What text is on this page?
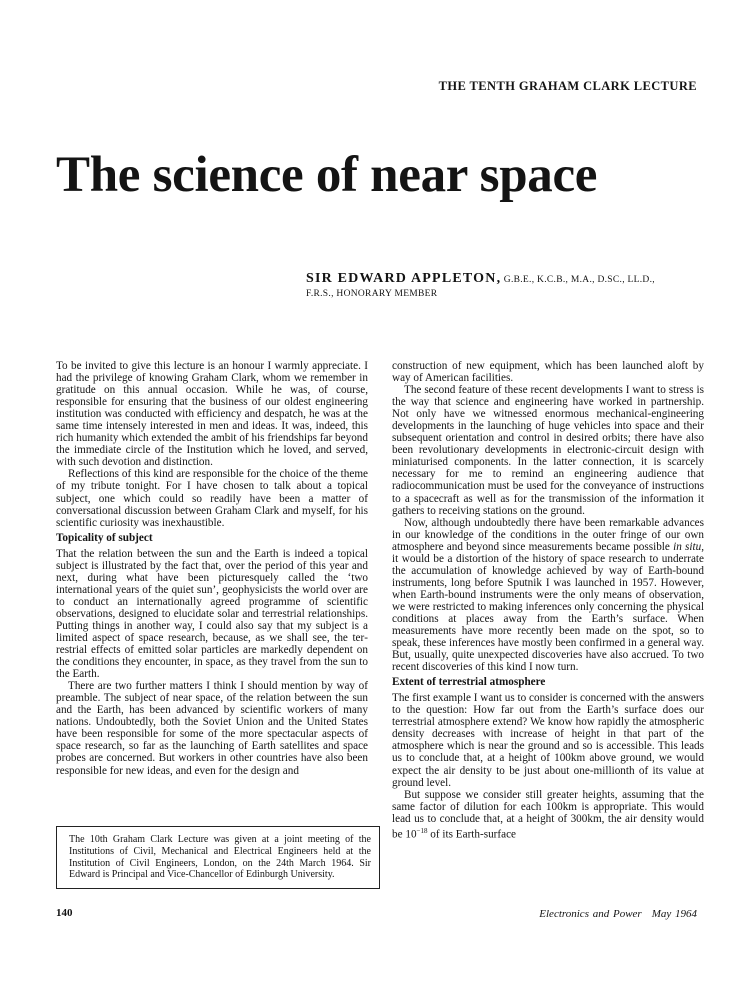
THE TENTH GRAHAM CLARK LECTURE
The science of near space
SIR EDWARD APPLETON, G.B.E., K.C.B., M.A., D.SC., LL.D.,
F.R.S., HONORARY MEMBER

To be invited to give this lecture is an honour I warmly appreciate. I had the privilege of knowing Graham Clark, whom we remember in gratitude on this annual occasion. While he was, of course, responsible for ensuring that the business of our oldest engineering institution was conducted with efficiency and despatch, he was at the same time intensely interested in men and ideas. It was, indeed, this rich humanity which extended the ambit of his friendships far beyond the immediate circle of the Institution which he loved, and served, with such devotion and distinction.

Reflections of this kind are responsible for the choice of the theme of my tribute tonight. For I have chosen to talk about a topical subject, one which could so readily have been a matter of conversational discussion between Graham Clark and myself, for his scientific curiosity was inexhaustible.

Topicality of subject

That the relation between the sun and the Earth is indeed a topical subject is illustrated by the fact that, over the period of this year and next, during what have been picturesquely called the ‘two international years of the quiet sun’, geophysicists the world over are to conduct an internationally agreed programme of scientific observations, designed to elucidate solar and terrestrial relationships. Putting things in another way, I could also say that my subject is a limited aspect of space research, because, as we shall see, the terrestrial effects of emitted solar particles are markedly dependent on the conditions they encounter, in space, as they travel from the sun to the Earth.

There are two further matters I think I should mention by way of preamble. The subject of near space, of the relation between the sun and the Earth, has been advanced by scientific workers of many nations. Undoubtedly, both the Soviet Union and the United States have been responsible for some of the more spectacular aspects of space research, so far as the launching of Earth satellites and space probes are concerned. But workers in other countries have also been responsible for new ideas, and even for the design and

The 10th Graham Clark Lecture was given at a joint meeting of the Institutions of Civil, Mechanical and Electrical Engineers held at the Institution of Civil Engineers, London, on the 24th March 1964. Sir Edward is Principal and Vice-Chancellor of Edinburgh University.

construction of new equipment, which has been launched aloft by way of American facilities.

The second feature of these recent developments I want to stress is the way that science and engineering have worked in partnership. Not only have we witnessed enormous mechanical-engineering developments in the launching of huge vehicles into space and their subsequent orientation and control in desired orbits; there have also been revolutionary developments in electronic-circuit design with miniaturised components. In the latter connection, it is scarcely necessary for me to remind an engineering audience that radiocommunication must be used for the conveyance of instructions to a spacecraft as well as for the transmission of the information it gathers to receiving stations on the ground.

Now, although undoubtedly there have been remarkable advances in our knowledge of the conditions in the outer fringe of our own atmosphere and beyond since measurements became possible in situ, it would be a distortion of the history of space research to underrate the accumulation of knowledge achieved by way of Earth-bound instruments, long before Sputnik I was launched in 1957. However, when Earth-bound instruments were the only means of observation, we were restricted to making inferences only concerning the physical conditions at places away from the Earth’s surface. When measurements have more recently been made on the spot, so to speak, these inferences have mostly been confirmed in a general way. But, usually, quite unexpected discoveries have also accrued. To two recent discoveries of this kind I now turn.

Extent of terrestrial atmosphere

The first example I want us to consider is concerned with the answers to the question: How far out from the Earth’s surface does our terrestrial atmosphere extend? We know how rapidly the atmospheric density decreases with increase of height in that part of the atmosphere which is near the ground and so is accessible. This leads us to conclude that, at a height of 100km above ground, we would expect the air density to be just about one-millionth of its value at ground level.

But suppose we consider still greater heights, assuming that the same factor of dilution for each 100km is appropriate. This would lead us to conclude that, at a height of 300km, the air density would be $10^{-18}$ of its Earth-surface

140	Electronics and Power May 1964
